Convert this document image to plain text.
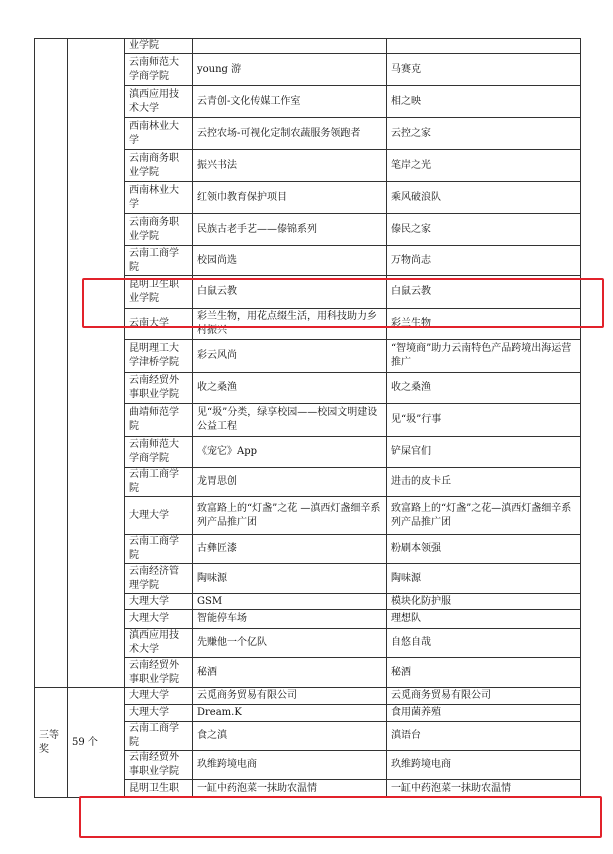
		业学院		
		云南师范大学商学院	young 游	马赛克
		滇西应用技术大学	云青创-文化传媒工作室	相之映
		西南林业大学	云控农场-可视化定制农蔬服务领跑者	云控之家
		云南商务职业学院	振兴书法	笔岸之光
		西南林业大学	红领巾教育保护项目	乘风破浪队
		云南商务职业学院	民族古老手艺——傣锦系列	傣民之家
		云南工商学院	校园尚选	万物尚志
		昆明卫生职业学院	白鼠云教	白鼠云教
		云南大学	彩兰生物，用花点缀生活，用科技助力乡村振兴	彩兰生物
		昆明理工大学津桥学院	彩云风尚	“智境商”助力云南特色产品跨境出海运营推广
		云南经贸外事职业学院	收之桑渔	收之桑渔
		曲靖师范学院	见“圾”分类，绿享校园——校园文明建设公益工程	见“圾”行事
		云南师范大学商学院	《宠它》App	铲屎官们
		云南工商学院	龙胃思创	进击的皮卡丘
		大理大学	致富路上的“灯盏”之花 —滇西灯盏细辛系列产品推广团	致富路上的“灯盏”之花—滇西灯盏细辛系列产品推广团
		云南工商学院	古彝匠漆	粉刷本领强
		云南经济管理学院	陶味源	陶味源
		大理大学	GSM	模块化防护服
		大理大学	智能停车场	理想队
		滇西应用技术大学	先赚他一个亿队	自悠自哉
		云南经贸外事职业学院	秘酒	秘酒
三等奖	59 个	大理大学	云觅商务贸易有限公司	云觅商务贸易有限公司
		大理大学	Dream.K	食用菌养殖
		云南工商学院	食之滇	滇语台
		云南经贸外事职业学院	玖维跨境电商	玖维跨境电商
		昆明卫生职	一缸中药泡菜一抹助农温情	一缸中药泡菜一抹助农温情
